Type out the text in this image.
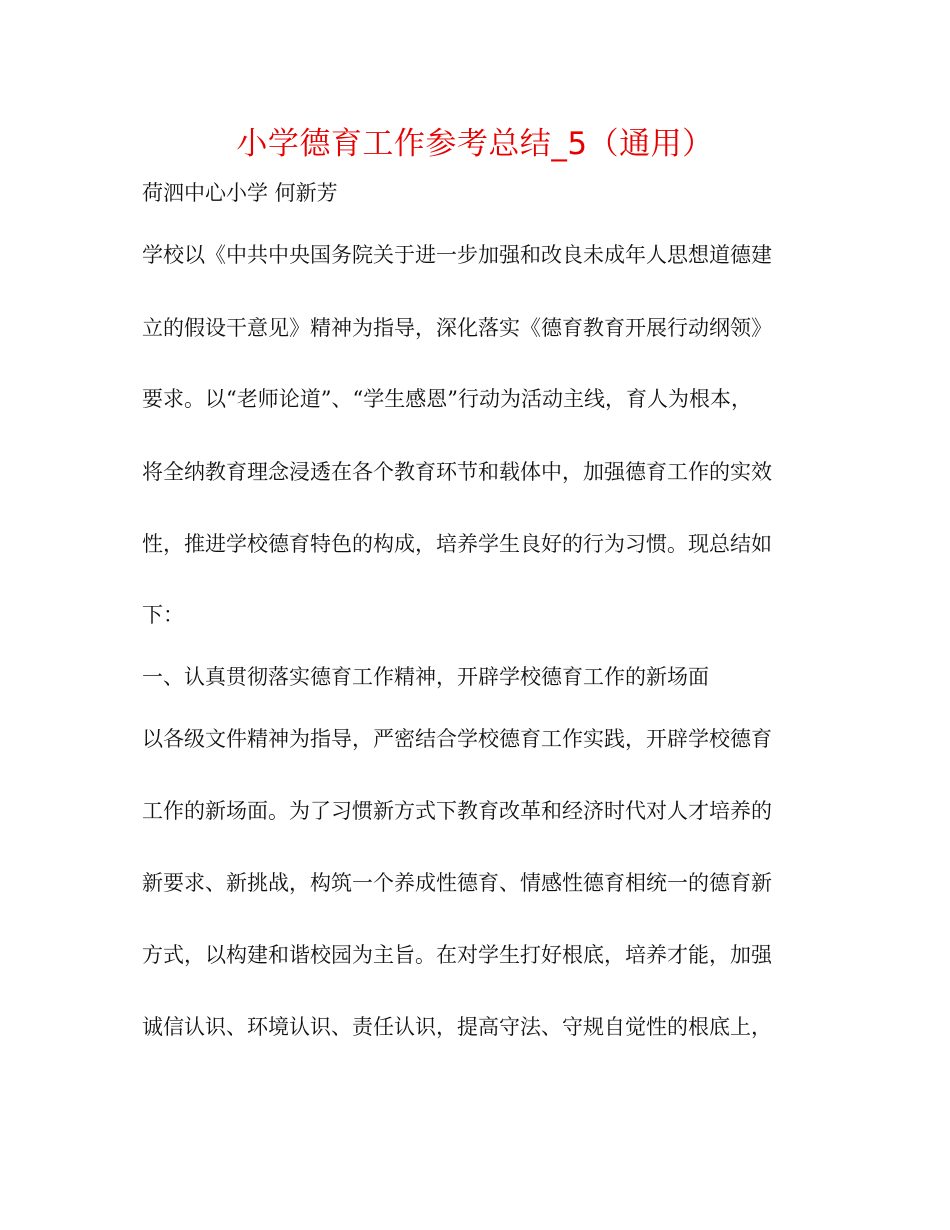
小学德育工作参考总结_5（通用）
荷泗中心小学 何新芳
学校以《中共中央国务院关于进一步加强和改良未成年人思想道德建
立的假设干意见》精神为指导，深化落实《德育教育开展行动纲领》
要求。以“老师论道”、“学生感恩”行动为活动主线，育人为根本，
将全纳教育理念浸透在各个教育环节和载体中，加强德育工作的实效
性，推进学校德育特色的构成，培养学生良好的行为习惯。现总结如
下：
一、认真贯彻落实德育工作精神，开辟学校德育工作的新场面
以各级文件精神为指导，严密结合学校德育工作实践，开辟学校德育
工作的新场面。为了习惯新方式下教育改革和经济时代对人才培养的
新要求、新挑战，构筑一个养成性德育、情感性德育相统一的德育新
方式，以构建和谐校园为主旨。在对学生打好根底，培养才能，加强
诚信认识、环境认识、责任认识，提高守法、守规自觉性的根底上，
